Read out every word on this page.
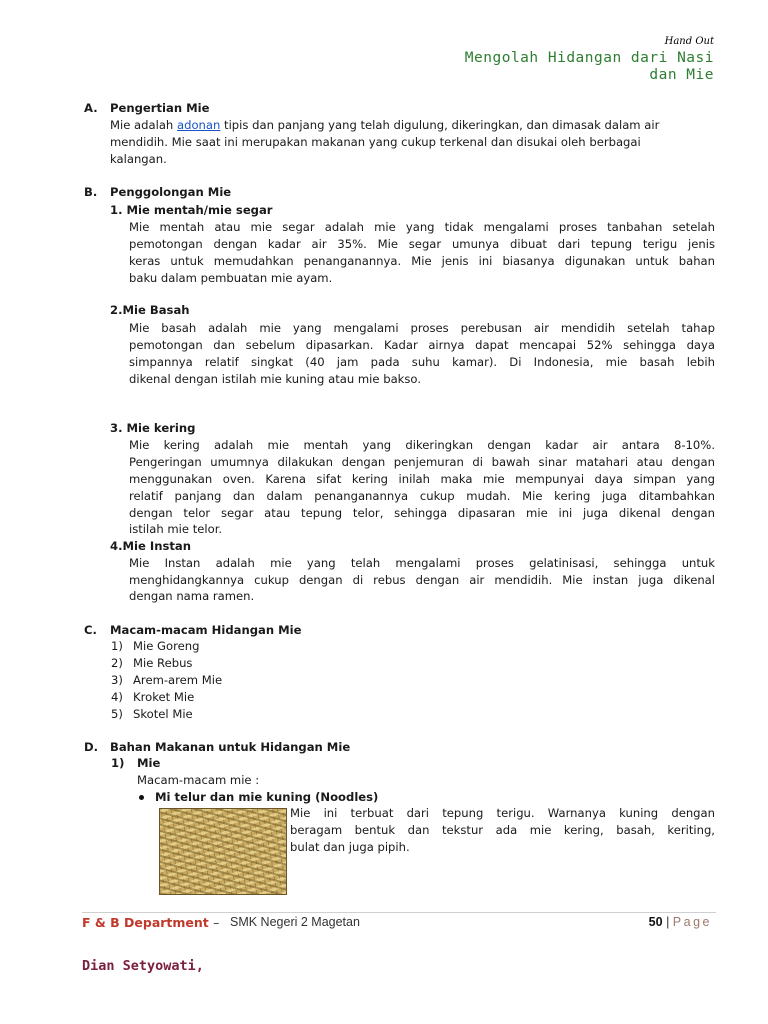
Hand Out
Mengolah Hidangan dari Nasi
dan Mie
A. Pengertian Mie
Mie adalah adonan tipis dan panjang yang telah digulung, dikeringkan, dan dimasak dalam air
mendidih. Mie saat ini merupakan makanan yang cukup terkenal dan disukai oleh berbagai
kalangan.
B. Penggolongan Mie
1. Mie mentah/mie segar
Mie mentah atau mie segar adalah mie yang tidak mengalami proses tanbahan setelah
pemotongan dengan kadar air 35%. Mie segar umunya dibuat dari tepung terigu jenis
keras untuk memudahkan penanganannya. Mie jenis ini biasanya digunakan untuk bahan
baku dalam pembuatan mie ayam.
2.Mie Basah
Mie basah adalah mie yang mengalami proses perebusan air mendidih setelah tahap
pemotongan dan sebelum dipasarkan. Kadar airnya dapat mencapai 52% sehingga daya
simpannya relatif singkat (40 jam pada suhu kamar). Di Indonesia, mie basah lebih
dikenal dengan istilah mie kuning atau mie bakso.
3. Mie kering
Mie kering adalah mie mentah yang dikeringkan dengan kadar air antara 8-10%.
Pengeringan umumnya dilakukan dengan penjemuran di bawah sinar matahari atau dengan
menggunakan oven. Karena sifat kering inilah maka mie mempunyai daya simpan yang
relatif panjang dan dalam penanganannya cukup mudah. Mie kering juga ditambahkan
dengan telor segar atau tepung telor, sehingga dipasaran mie ini juga dikenal dengan
istilah mie telor.
4.Mie Instan
Mie Instan adalah mie yang telah mengalami proses gelatinisasi, sehingga untuk
menghidangkannya cukup dengan di rebus dengan air mendidih. Mie instan juga dikenal
dengan nama ramen.
C. Macam-macam Hidangan Mie
1) Mie Goreng
2) Mie Rebus
3) Arem-arem Mie
4) Kroket Mie
5) Skotel Mie
D. Bahan Makanan untuk Hidangan Mie
1) Mie
Macam-macam mie :
Mi telur dan mie kuning (Noodles)
Mie ini terbuat dari tepung terigu. Warnanya kuning dengan
beragam bentuk dan tekstur ada mie kering, basah, keriting,
bulat dan juga pipih.
F & B Department – SMK Negeri 2 Magetan	50 | Page
Dian Setyowati,
